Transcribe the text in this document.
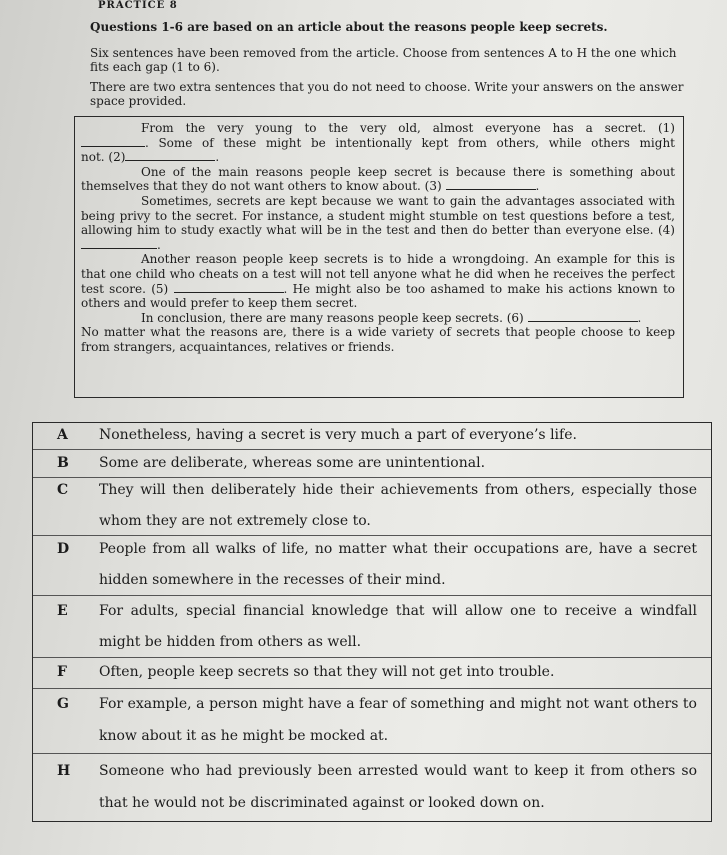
PRACTICE 8
Questions 1-6 are based on an article about the reasons people keep secrets.
Six sentences have been removed from the article. Choose from sentences A to H the one which fits each gap (1 to 6).
There are two extra sentences that you do not need to choose. Write your answers on the answer space provided.

From the very young to the very old, almost everyone has a secret. (1)

. Some of these might be intentionally kept from others, while others might

not. (2)	.

One of the main reasons people keep secret is because there is something about themselves that they do not want others to know about. (3)	.

Sometimes, secrets are kept because we want to gain the advantages associated with being privy to the secret. For instance, a student might stumble on test questions before a test, allowing him to study exactly what will be in the test and then do better than everyone else. (4).

Another reason people keep secrets is to hide a wrongdoing. An example for this is that one child who cheats on a test will not tell anyone what he did when he receives the perfect test score. (5)	. He might also be too ashamed to make his actions known to others and would prefer to keep them secret.

In conclusion, there are many reasons people keep secrets. (6)	.

No matter what the reasons are, there is a wide variety of secrets that people choose to keep from strangers, acquaintances, relatives or friends.

A Nonetheless, having a secret is very much a part of everyone’s life.
B Some are deliberate, whereas some are unintentional.
C They will then deliberately hide their achievements from others, especially those
whom they are not extremely close to.
D People from all walks of life, no matter what their occupations are, have a secret
hidden somewhere in the recesses of their mind.
E For adults, special financial knowledge that will allow one to receive a windfall
might be hidden from others as well.
F Often, people keep secrets so that they will not get into trouble.
G For example, a person might have a fear of something and might not want others to
know about it as he might be mocked at.
H Someone who had previously been arrested would want to keep it from others so
that he would not be discriminated against or looked down on.
